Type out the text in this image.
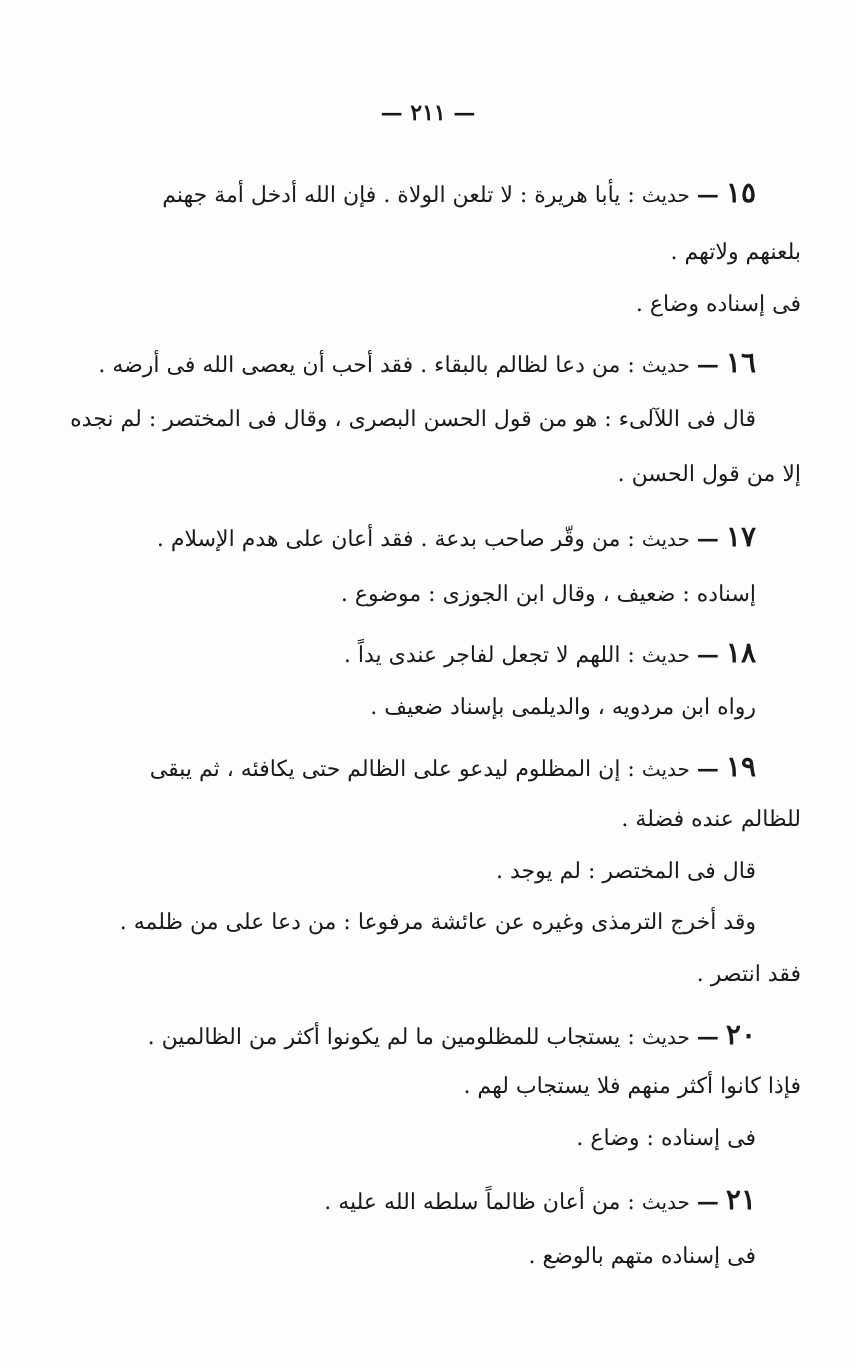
— ٢١١ —
١٥ — حديث : يأبا هريرة : لا تلعن الولاة . فإن الله أدخل أمة جهنم
بلعنهم ولاتهم .
فى إسناده وضاع .
١٦ — حديث : من دعا لظالم بالبقاء . فقد أحب أن يعصى الله فى أرضه .
قال فى اللآلىء : هو من قول الحسن البصرى ، وقال فى المختصر : لم نجده
إلا من قول الحسن .
١٧ — حديث : من وقّر صاحب بدعة . فقد أعان على هدم الإسلام .
إسناده : ضعيف ، وقال ابن الجوزى : موضوع .
١٨ — حديث : اللهم لا تجعل لفاجر عندى يداً .
رواه ابن مردويه ، والديلمى بإسناد ضعيف .
١٩ — حديث : إن المظلوم ليدعو على الظالم حتى يكافئه ، ثم يبقى
للظالم عنده فضلة .
قال فى المختصر : لم يوجد .
وقد أخرج الترمذى وغيره عن عائشة مرفوعا : من دعا على من ظلمه .
فقد انتصر .
٢٠ — حديث : يستجاب للمظلومين ما لم يكونوا أكثر من الظالمين .
فإذا كانوا أكثر منهم فلا يستجاب لهم .
فى إسناده : وضاع .
٢١ — حديث : من أعان ظالماً سلطه الله عليه .
فى إسناده متهم بالوضع .
